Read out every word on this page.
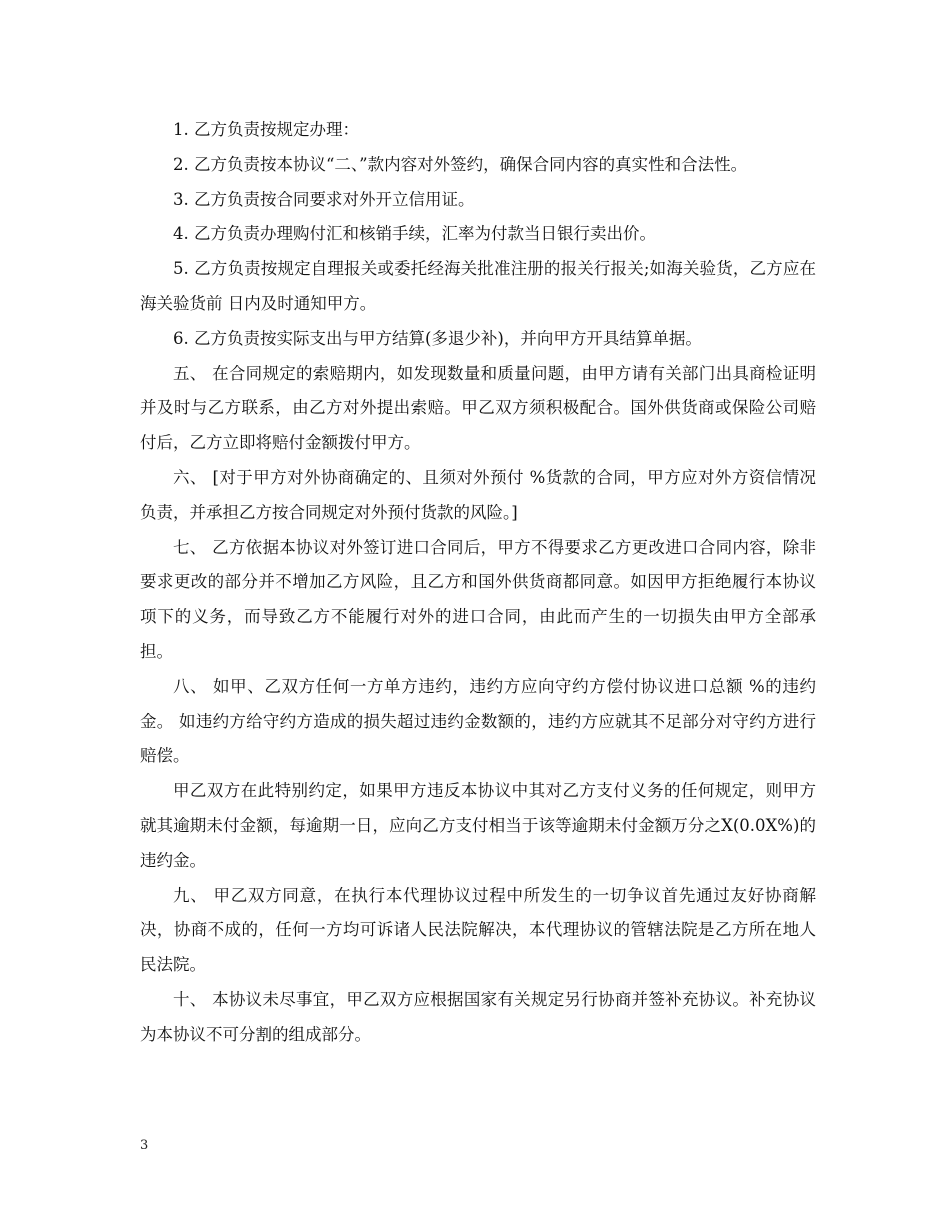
1. 乙方负责按规定办理：

2. 乙方负责按本协议“二、”款内容对外签约，确保合同内容的真实性和合法性。

3. 乙方负责按合同要求对外开立信用证。

4. 乙方负责办理购付汇和核销手续，汇率为付款当日银行卖出价。

5. 乙方负责按规定自理报关或委托经海关批准注册的报关行报关;如海关验货，乙方应在海关验货前 日内及时通知甲方。

6. 乙方负责按实际支出与甲方结算(多退少补)，并向甲方开具结算单据。

五、 在合同规定的索赔期内，如发现数量和质量问题，由甲方请有关部门出具商检证明并及时与乙方联系，由乙方对外提出索赔。甲乙双方须积极配合。国外供货商或保险公司赔付后，乙方立即将赔付金额拨付甲方。

六、 [对于甲方对外协商确定的、且须对外预付 %货款的合同，甲方应对外方资信情况负责，并承担乙方按合同规定对外预付货款的风险。]

七、 乙方依据本协议对外签订进口合同后，甲方不得要求乙方更改进口合同内容，除非要求更改的部分并不增加乙方风险，且乙方和国外供货商都同意。如因甲方拒绝履行本协议项下的义务，而导致乙方不能履行对外的进口合同，由此而产生的一切损失由甲方全部承担。

八、 如甲、乙双方任何一方单方违约，违约方应向守约方偿付协议进口总额 %的违约金。 如违约方给守约方造成的损失超过违约金数额的，违约方应就其不足部分对守约方进行赔偿。

甲乙双方在此特别约定，如果甲方违反本协议中其对乙方支付义务的任何规定，则甲方就其逾期未付金额，每逾期一日，应向乙方支付相当于该等逾期未付金额万分之X(0.0X%)的违约金。

九、 甲乙双方同意，在执行本代理协议过程中所发生的一切争议首先通过友好协商解决，协商不成的，任何一方均可诉诸人民法院解决，本代理协议的管辖法院是乙方所在地人民法院。

十、 本协议未尽事宜，甲乙双方应根据国家有关规定另行协商并签补充协议。补充协议为本协议不可分割的组成部分。

3
